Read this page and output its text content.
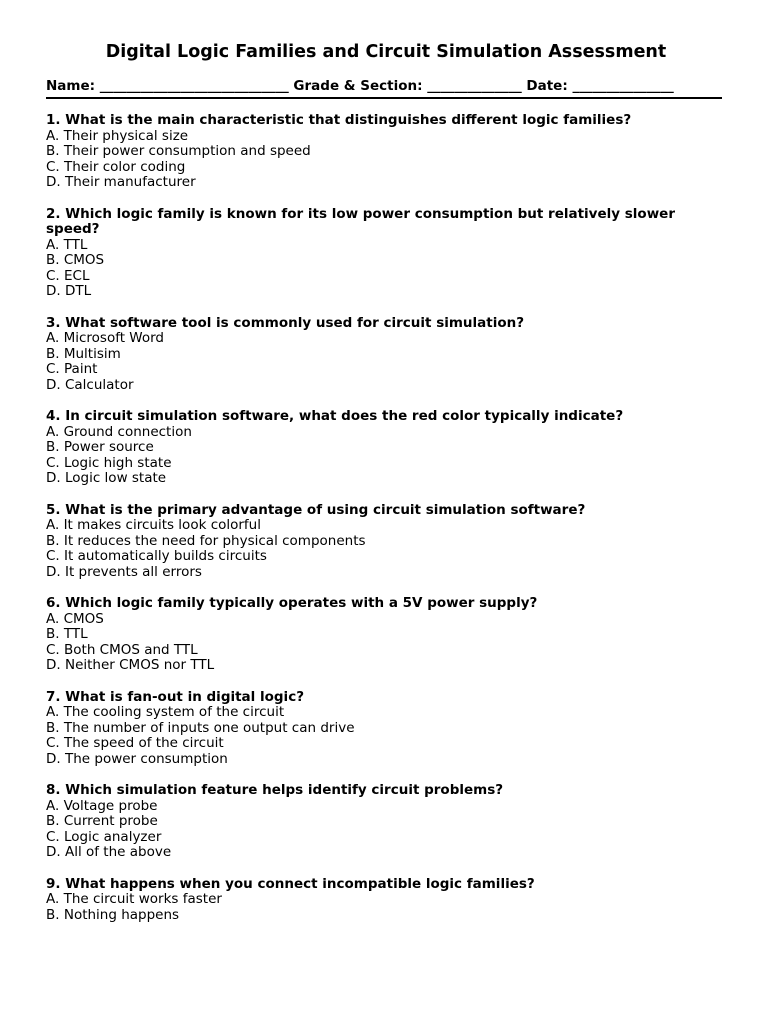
Digital Logic Families and Circuit Simulation Assessment
Name: ____________________________ Grade & Section: ______________ Date: _______________

1. What is the main characteristic that distinguishes different logic families?

A. Their physical size

B. Their power consumption and speed

C. Their color coding

D. Their manufacturer

2. Which logic family is known for its low power consumption but relatively slower speed?

A. TTL

B. CMOS

C. ECL

D. DTL

3. What software tool is commonly used for circuit simulation?

A. Microsoft Word

B. Multisim

C. Paint

D. Calculator

4. In circuit simulation software, what does the red color typically indicate?

A. Ground connection

B. Power source

C. Logic high state

D. Logic low state

5. What is the primary advantage of using circuit simulation software?

A. It makes circuits look colorful

B. It reduces the need for physical components

C. It automatically builds circuits

D. It prevents all errors

6. Which logic family typically operates with a 5V power supply?

A. CMOS

B. TTL

C. Both CMOS and TTL

D. Neither CMOS nor TTL

7. What is fan-out in digital logic?

A. The cooling system of the circuit

B. The number of inputs one output can drive

C. The speed of the circuit

D. The power consumption

8. Which simulation feature helps identify circuit problems?

A. Voltage probe

B. Current probe

C. Logic analyzer

D. All of the above

9. What happens when you connect incompatible logic families?

A. The circuit works faster

B. Nothing happens
